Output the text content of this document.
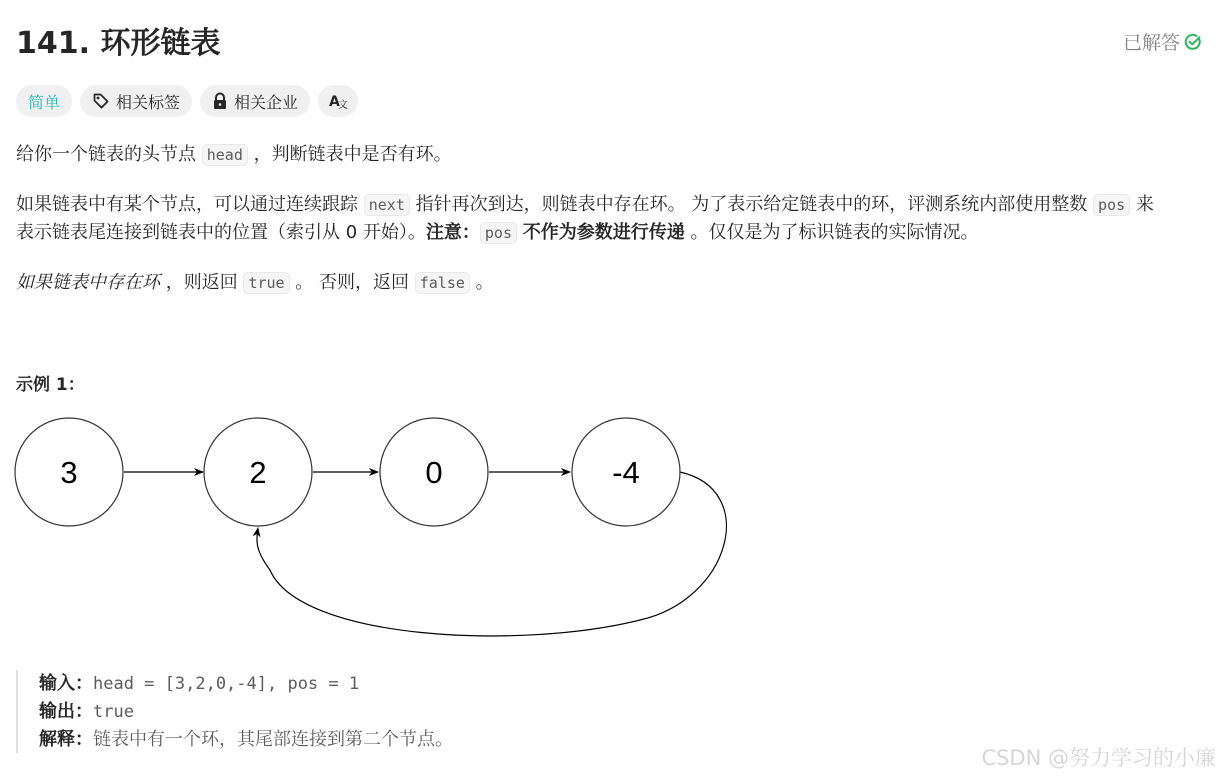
141. 环形链表	已解答
简单	相关标签	相关企业 A
文

给你一个链表的头节点 head ，判断链表中是否有环。

如果链表中有某个节点，可以通过连续跟踪 next 指针再次到达，则链表中存在环。 为了表示给定链表中的环，评测系统内部使用整数 pos 来
表示链表尾连接到链表中的位置（索引从 0 开始）。注意： pos 不作为参数进行传递 。仅仅是为了标识链表的实际情况。

如果链表中存在环 ，则返回 true 。 否则，返回 false 。

示例 1：
3	2	0	-4
输入：head = [3,2,0,-4], pos = 1
输出：true
解释：链表中有一个环，其尾部连接到第二个节点。
CSDN @努力学习的小廉
